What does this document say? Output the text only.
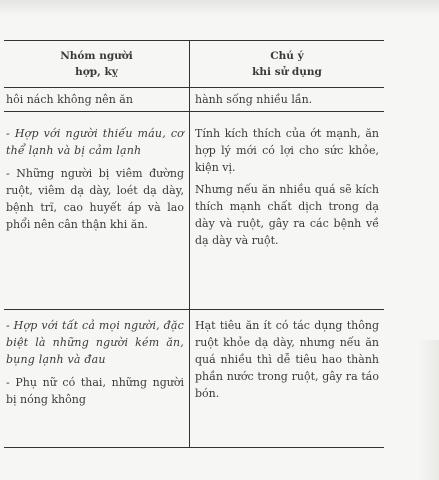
Nhóm người
hợp, kỵ
Chú ý
khi sử dụng

hôi nách không nên ăn	hành sống nhiều lần.

- Hợp với người thiếu máu, cơ thể lạnh và bị cảm lạnh

- Những người bị viêm đường ruột, viêm dạ dày, loét dạ dày, bệnh trĩ, cao huyết áp và lao phổi nên cân thận khi ăn.

Tính kích thích của ớt mạnh, ăn hợp lý mới có lợi cho sức khỏe, kiện vị.

Nhưng nếu ăn nhiều quá sẽ kích thích mạnh chất dịch trong dạ dày và ruột, gây ra các bệnh về dạ dày và ruột.

- Hợp với tất cả mọi người, đặc biệt là những người kém ăn, bụng lạnh và đau

- Phụ nữ có thai, những người bị nóng không

Hạt tiêu ăn ít có tác dụng thông ruột khỏe dạ dày, nhưng nếu ăn quá nhiều thì dễ tiêu hao thành phần nước trong ruột, gây ra táo bón.
